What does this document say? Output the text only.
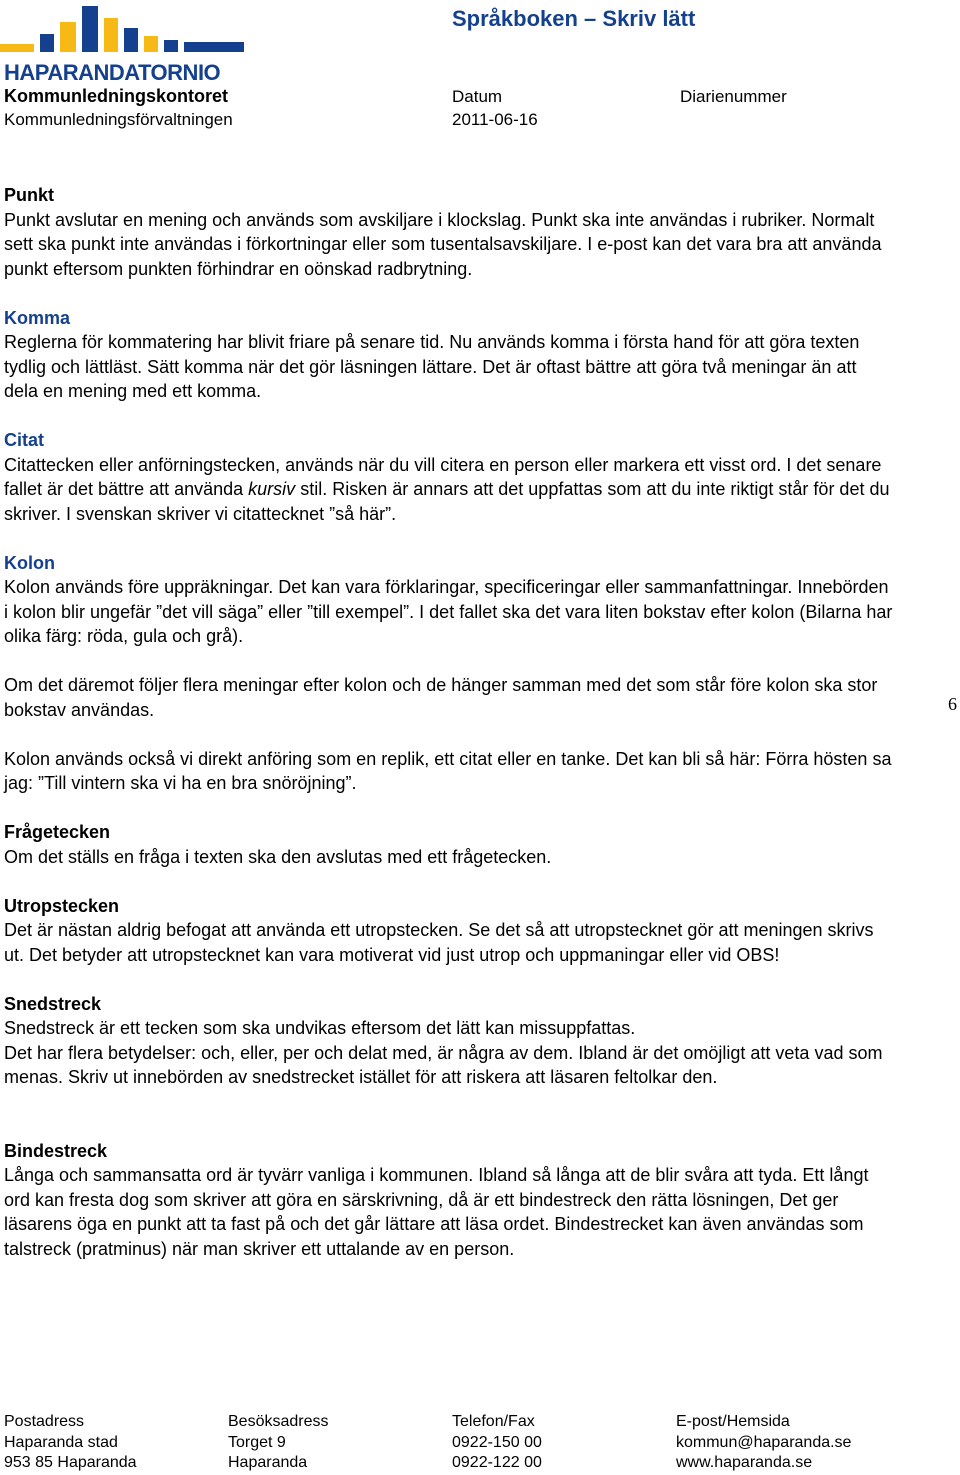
HAPARANDATORNIO
Språkboken – Skriv lätt
Kommunledningskontoret
Kommunledningsförvaltningen
Datum
2011-06-16
Diarienummer
Punkt

Punkt avslutar en mening och används som avskiljare i klockslag. Punkt ska inte användas i rubriker. Normalt sett ska punkt inte användas i förkortningar eller som tusentalsavskiljare. I e-post kan det vara bra att använda punkt eftersom punkten förhindrar en oönskad radbrytning.

Komma

Reglerna för kommatering har blivit friare på senare tid. Nu används komma i första hand för att göra texten tydlig och lättläst. Sätt komma när det gör läsningen lättare. Det är oftast bättre att göra två meningar än att dela en mening med ett komma.

Citat

Citattecken eller anförningstecken, används när du vill citera en person eller markera ett visst ord. I det senare fallet är det bättre att använda kursiv stil. Risken är annars att det uppfattas som att du inte riktigt står för det du skriver. I svenskan skriver vi citattecknet ”så här”.

Kolon

Kolon används före uppräkningar. Det kan vara förklaringar, specificeringar eller sammanfattningar. Innebörden i kolon blir ungefär ”det vill säga” eller ”till exempel”. I det fallet ska det vara liten bokstav efter kolon (Bilarna har olika färg: röda, gula och grå).

Om det däremot följer flera meningar efter kolon och de hänger samman med det som står före kolon ska stor bokstav användas.

Kolon används också vi direkt anföring som en replik, ett citat eller en tanke. Det kan bli så här: Förra hösten sa jag: ”Till vintern ska vi ha en bra snöröjning”.

Frågetecken

Om det ställs en fråga i texten ska den avslutas med ett frågetecken.

Utropstecken

Det är nästan aldrig befogat att använda ett utropstecken. Se det så att utropstecknet gör att meningen skrivs ut. Det betyder att utropstecknet kan vara motiverat vid just utrop och uppmaningar eller vid OBS!

Snedstreck

Snedstreck är ett tecken som ska undvikas eftersom det lätt kan missuppfattas.
Det har flera betydelser: och, eller, per och delat med, är några av dem. Ibland är det omöjligt att veta vad som menas. Skriv ut innebörden av snedstrecket istället för att riskera att läsaren feltolkar den.

Bindestreck

Långa och sammansatta ord är tyvärr vanliga i kommunen. Ibland så långa att de blir svåra att tyda. Ett långt ord kan fresta dog som skriver att göra en särskrivning, då är ett bindestreck den rätta lösningen, Det ger läsarens öga en punkt att ta fast på och det går lättare att läsa ordet. Bindestrecket kan även användas som talstreck (pratminus) när man skriver ett uttalande av en person.

6
Postadress
Haparanda stad
953 85 Haparanda
Besöksadress
Torget 9
Haparanda
Telefon/Fax
0922-150 00
0922-122 00
E-post/Hemsida
kommun@haparanda.se
www.haparanda.se
